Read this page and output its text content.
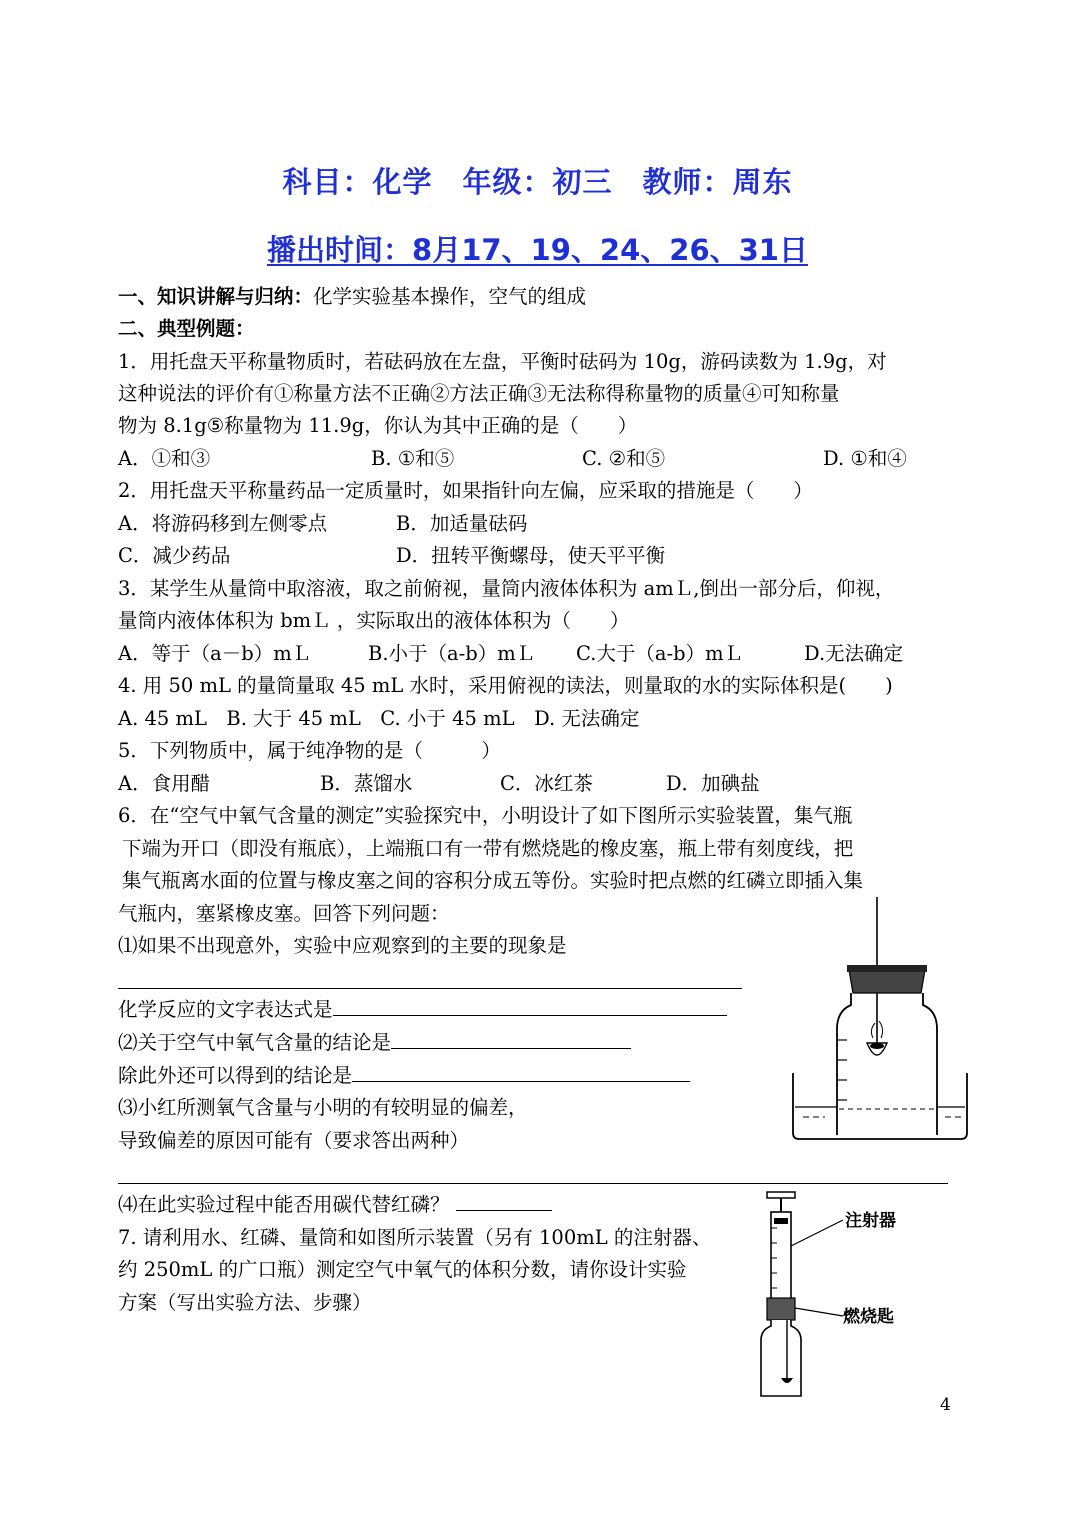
科目：化学　年级：初三　教师：周东
播出时间：8月17、19、24、26、31日
一、知识讲解与归纳：化学实验基本操作，空气的组成
二、典型例题：
1．用托盘天平称量物质时，若砝码放在左盘，平衡时砝码为 10g，游码读数为 1.9g，对
这种说法的评价有①称量方法不正确②方法正确③无法称得称量物的质量④可知称量
物为 8.1g⑤称量物为 11.9g，你认为其中正确的是（　　）
A．①和③	B. ①和⑤	C. ②和⑤	D. ①和④
2．用托盘天平称量药品一定质量时，如果指针向左偏，应采取的措施是（　　）
A．将游码移到左侧零点	B．加适量砝码
C．减少药品	D．扭转平衡螺母，使天平平衡
3．某学生从量筒中取溶液，取之前俯视，量筒内液体体积为 amＬ,倒出一部分后，仰视，
量筒内液体体积为 bmＬ ，实际取出的液体体积为（　　）
A．等于（a－b）mＬ	B.小于（a-b）mＬ C.大于（a-b）mＬ	D.无法确定
4. 用 50 mL 的量筒量取 45 mL 水时，采用俯视的读法，则量取的水的实际体积是(　　)
A. 45 mL　B. 大于 45 mL　C. 小于 45 mL　D. 无法确定
5．下列物质中，属于纯净物的是（　　　）
A．食用醋	B．蒸馏水	C．冰红茶	D．加碘盐
6．在“空气中氧气含量的测定”实验探究中，小明设计了如下图所示实验装置，集气瓶
下端为开口（即没有瓶底），上端瓶口有一带有燃烧匙的橡皮塞，瓶上带有刻度线，把
集气瓶离水面的位置与橡皮塞之间的容积分成五等份。实验时把点燃的红磷立即插入集
气瓶内，塞紧橡皮塞。回答下列问题：
⑴如果不出现意外，实验中应观察到的主要的现象是
化学反应的文字表达式是
⑵关于空气中氧气含量的结论是
除此外还可以得到的结论是
⑶小红所测氧气含量与小明的有较明显的偏差，
导致偏差的原因可能有（要求答出两种）
⑷在此实验过程中能否用碳代替红磷？
7. 请利用水、红磷、量筒和如图所示装置（另有 100mL 的注射器、
约 250mL 的广口瓶）测定空气中氧气的体积分数，请你设计实验
方案（写出实验方法、步骤）
注射器
燃烧匙
4
